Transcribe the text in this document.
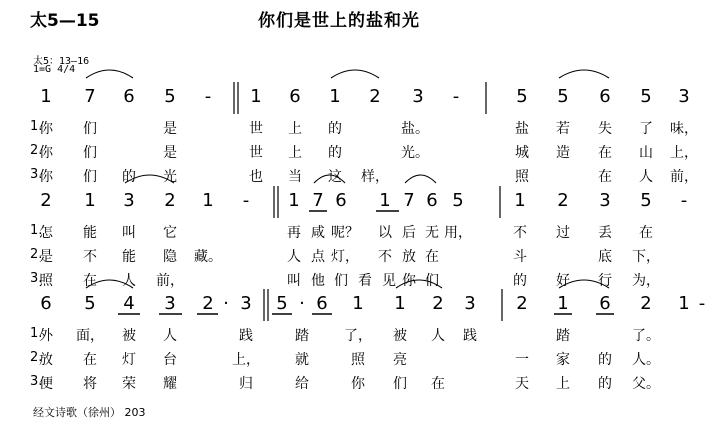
太5—15	你们是世上的盐和光
太5：13—16
1=G 4/4
经文诗歌（徐州） 203
1 7 6 5 - 1 6 1 2 3 -	5 5 6 5 3
1.
2.
3.
你 们	是	世 上 的	盐。	盐 若 失 了 味，
你 们	是	世 上 的	光。	城 造 在 山 上，
你 们 的 光	也 当 这 样，	照	在 人 前，
2 1 3 2 1 - 1 7 6 1 7 6 5	1 2 3 5 -
1.
2.
3.
怎 能 叫 它	再 咸 呢？ 以 后 无 用，	不 过 丢 在
是 不 能 隐 藏。	人 点 灯， 不 放 在	斗	底 下，
照 在 人 前，	叫 他 们 看 见 你 们	的 好 行 为，
6 5 4 3 2 · 3 5 · 6 1 1 2 3 2 1 6 2 1 -
1.
2.
3.
外 面， 被 人	践	踏	了， 被 人 践	踏	了。
放 在 灯 台	上，	就	照 亮	一 家 的 人。
便 将 荣 耀	归	给	你 们 在	天 上 的 父。
